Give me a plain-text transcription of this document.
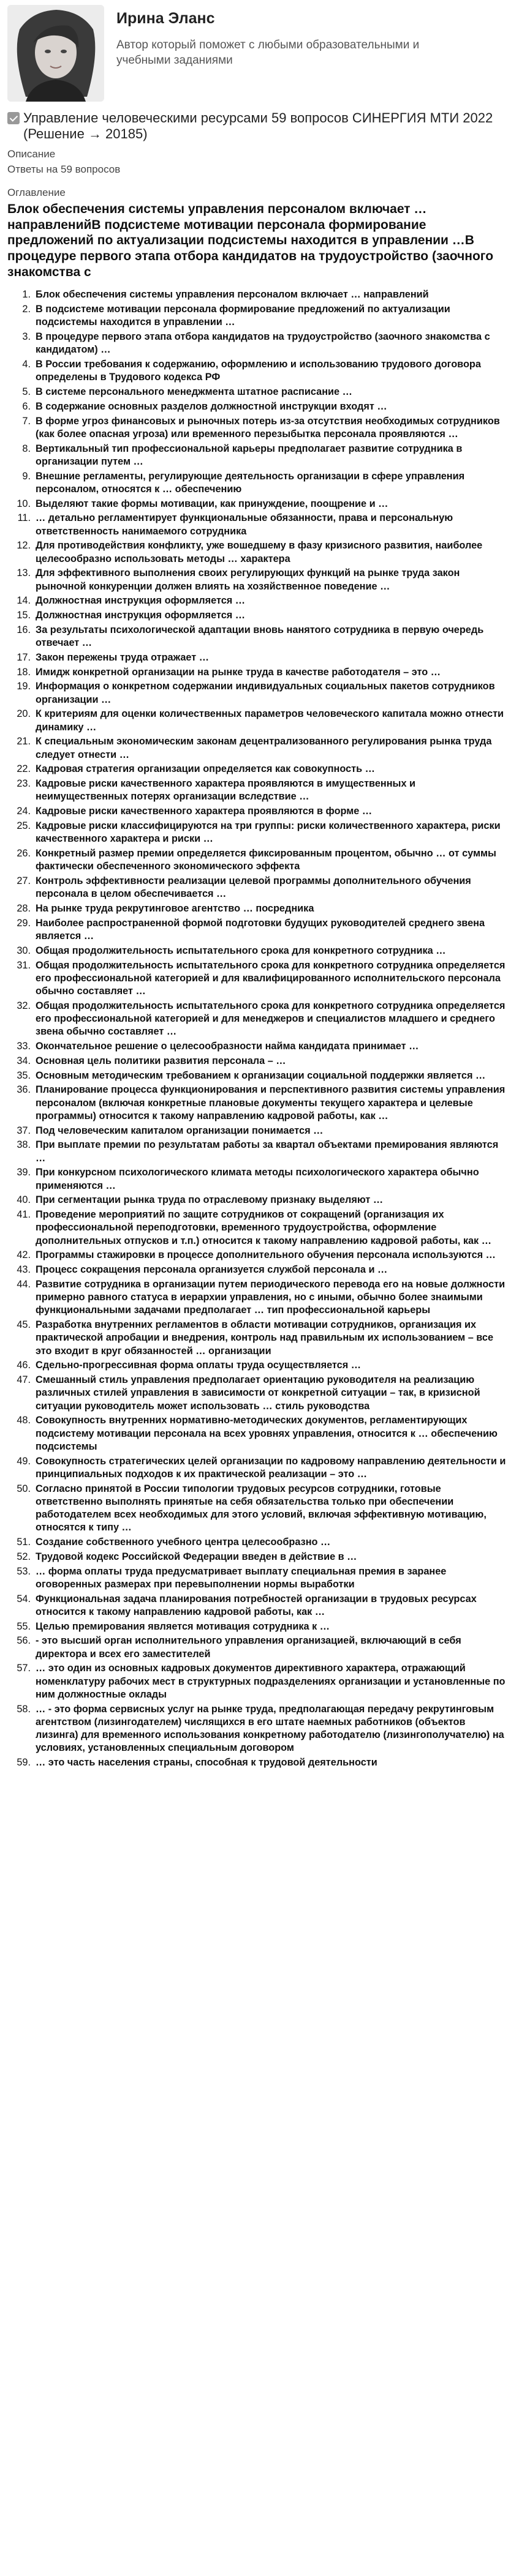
Ирина Эланс
Автор который поможет с любыми образовательными и учебными заданиями
Управление человеческими ресурсами 59 вопросов СИНЕРГИЯ МТИ 2022 (Решение → 20185)
Описание
Ответы на 59 вопросов
Оглавление
Блок обеспечения системы управления персоналом включает … направленийВ подсистеме мотивации персонала формирование предложений по актуализации подсистемы находится в управлении …В процедуре первого этапа отбора кандидатов на трудоустройство (заочного знакомства с
1. Блок обеспечения системы управления персоналом включает … направлений
2. В подсистеме мотивации персонала формирование предложений по актуализации подсистемы находится в управлении …
3. В процедуре первого этапа отбора кандидатов на трудоустройство (заочного знакомства с кандидатом) …
4. В России требования к содержанию, оформлению и использованию трудового договора определены в Трудового кодекса РФ
5. В системе персонального менеджмента штатное расписание …
6. В содержание основных разделов должностной инструкции входят …
7. В форме угроз финансовых и рыночных потерь из-за отсутствия необходимых сотрудников (как более опасная угроза) или временного перезыбытка персонала проявляются …
8. Вертикальный тип профессиональной карьеры предполагает развитие сотрудника в организации путем …
9. Внешние регламенты, регулирующие деятельность организации в сфере управления персоналом, относятся к … обеспечению
10. Выделяют такие формы мотивации, как принуждение, поощрение и …
11. … детально регламентирует функциональные обязанности, права и персональную ответственность нанимаемого сотрудника
12. Для противодействия конфликту, уже вошедшему в фазу кризисного развития, наиболее целесообразно использовать методы … характера
13. Для эффективного выполнения своих регулирующих функций на рынке труда закон рыночной конкуренции должен влиять на хозяйственное поведение …
14. Должностная инструкция оформляется …
15. Должностная инструкция оформляется …
16. За результаты психологической адаптации вновь нанятого сотрудника в первую очередь отвечает …
17. Закон пережены труда отражает …
18. Имидж конкретной организации на рынке труда в качестве работодателя – это …
19. Информация о конкретном содержании индивидуальных социальных пакетов сотрудников организации …
20. К критериям для оценки количественных параметров человеческого капитала можно отнести динамику …
21. К специальным экономическим законам децентрализованного регулирования рынка труда следует отнести …
22. Кадровая стратегия организации определяется как совокупность …
23. Кадровые риски качественного характера проявляются в имущественных и неимущественных потерях организации вследствие …
24. Кадровые риски качественного характера проявляются в форме …
25. Кадровые риски классифицируются на три группы: риски количественного характера, риски качественного характера и риски …
26. Конкретный размер премии определяется фиксированным процентом, обычно … от суммы фактически обеспеченного экономического эффекта
27. Контроль эффективности реализации целевой программы дополнительного обучения персонала в целом обеспечивается …
28. На рынке труда рекрутинговое агентство … посредника
29. Наиболее распространенной формой подготовки будущих руководителей среднего звена является …
30. Общая продолжительность испытательного срока для конкретного сотрудника …
31. Общая продолжительность испытательного срока для конкретного сотрудника определяется его профессиональной категорией и для квалифицированного исполнительского персонала обычно составляет …
32. Общая продолжительность испытательного срока для конкретного сотрудника определяется его профессиональной категорией и для менеджеров и специалистов младшего и среднего звена обычно составляет …
33. Окончательное решение о целесообразности найма кандидата принимает …
34. Основная цель политики развития персонала – …
35. Основным методическим требованием к организации социальной поддержки является …
36. Планирование процесса функционирования и перспективного развития системы управления персоналом (включая конкретные плановые документы текущего характера и целевые программы) относится к такому направлению кадровой работы, как …
37. Под человеческим капиталом организации понимается …
38. При выплате премии по результатам работы за квартал объектами премирования являются …
39. При конкурсном психологического климата методы психологического характера обычно применяются …
40. При сегментации рынка труда по отраслевому признаку выделяют …
41. Проведение мероприятий по защите сотрудников от сокращений (организация их профессиональной переподготовки, временного трудоустройства, оформление дополнительных отпусков и т.п.) относится к такому направлению кадровой работы, как …
42. Программы стажировки в процессе дополнительного обучения персонала используются …
43. Процесс сокращения персонала организуется службой персонала и …
44. Развитие сотрудника в организации путем периодического перевода его на новые должности примерно равного статуса в иерархии управления, но с иными, обычно более знаимыми функциональными задачами предполагает … тип профессиональной карьеры
45. Разработка внутренних регламентов в области мотивации сотрудников, организация их практической апробации и внедрения, контроль над правильным их использованием – все это входит в круг обязанностей … организации
46. Сдельно-прогрессивная форма оплаты труда осуществляется …
47. Смешанный стиль управления предполагает ориентацию руководителя на реализацию различных стилей управления в зависимости от конкретной ситуации – так, в кризисной ситуации руководитель может использовать … стиль руководства
48. Совокупность внутренних нормативно-методических документов, регламентирующих подсистему мотивации персонала на всех уровнях управления, относится к … обеспечению подсистемы
49. Совокупность стратегических целей организации по кадровому направлению деятельности и принципиальных подходов к их практической реализации – это …
50. Согласно принятой в России типологии трудовых ресурсов сотрудники, готовые ответственно выполнять принятые на себя обязательства только при обеспечении работодателем всех необходимых для этого условий, включая эффективную мотивацию, относятся к типу …
51. Создание собственного учебного центра целесообразно …
52. Трудовой кодекс Российской Федерации введен в действие в …
53. … форма оплаты труда предусматривает выплату специальная премия в заранее оговоренных размерах при перевыполнении нормы выработки
54. Функциональная задача планирования потребностей организации в трудовых ресурсах относится к такому направлению кадровой работы, как …
55. Целью премирования является мотивация сотрудника к …
56. - это высший орган исполнительного управления организацией, включающий в себя директора и всех его заместителей
57. … это один из основных кадровых документов директивного характера, отражающий номенклатуру рабочих мест в структурных подразделениях организации и установленные по ним должностные оклады
58. … - это форма сервисных услуг на рынке труда, предполагающая передачу рекрутинговым агентством (лизингодателем) числящихся в его штате наемных работников (объектов лизинга) для временного использования конкретному работодателю (лизингополучателю) на условиях, установленных специальным договором
59. … это часть населения страны, способная к трудовой деятельности
